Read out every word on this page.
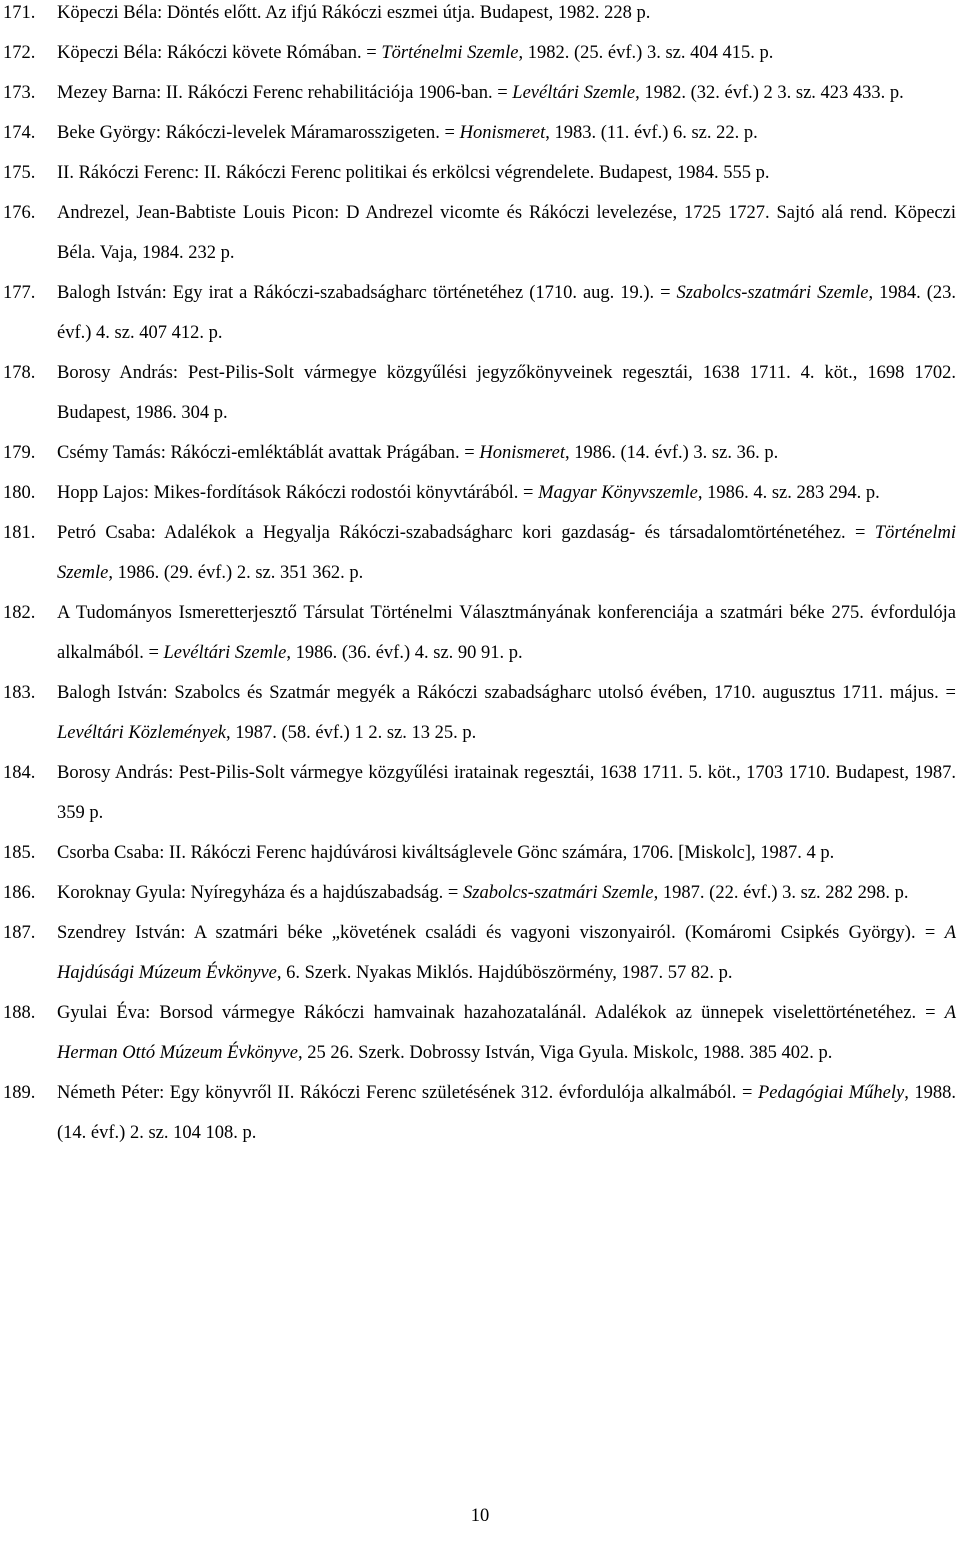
171. Köpeczi Béla: Döntés előtt. Az ifjú Rákóczi eszmei útja. Budapest, 1982. 228 p.
172. Köpeczi Béla: Rákóczi követe Rómában. = Történelmi Szemle, 1982. (25. évf.) 3. sz. 404 415. p.
173. Mezey Barna: II. Rákóczi Ferenc rehabilitációja 1906-ban. = Levéltári Szemle, 1982. (32. évf.) 2 3. sz. 423 433. p.
174. Beke György: Rákóczi-levelek Máramarosszigeten. = Honismeret, 1983. (11. évf.) 6. sz. 22. p.
175. II. Rákóczi Ferenc: II. Rákóczi Ferenc politikai és erkölcsi végrendelete. Budapest, 1984. 555 p.
176. Andrezel, Jean-Babtiste Louis Picon: D Andrezel vicomte és Rákóczi levelezése, 1725 1727. Sajtó alá rend. Köpeczi Béla. Vaja, 1984. 232 p.
177. Balogh István: Egy irat a Rákóczi-szabadságharc történetéhez (1710. aug. 19.). = Szabolcs-szatmári Szemle, 1984. (23. évf.) 4. sz. 407 412. p.
178. Borosy András: Pest-Pilis-Solt vármegye közgyűlési jegyzőkönyveinek regesztái, 1638 1711. 4. köt., 1698 1702. Budapest, 1986. 304 p.
179. Csémy Tamás: Rákóczi-emléktáblát avattak Prágában. = Honismeret, 1986. (14. évf.) 3. sz. 36. p.
180. Hopp Lajos: Mikes-fordítások Rákóczi rodostói könyvtárából. = Magyar Könyvszemle, 1986. 4. sz. 283 294. p.
181. Petró Csaba: Adalékok a Hegyalja Rákóczi-szabadságharc kori gazdaság- és társadalomtörténetéhez. = Történelmi Szemle, 1986. (29. évf.) 2. sz. 351 362. p.
182. A Tudományos Ismeretterjesztő Társulat Történelmi Választmányának konferenciája a szatmári béke 275. évfordulója alkalmából. = Levéltári Szemle, 1986. (36. évf.) 4. sz. 90 91. p.
183. Balogh István: Szabolcs és Szatmár megyék a Rákóczi szabadságharc utolsó évében, 1710. augusztus 1711. május. = Levéltári Közlemények, 1987. (58. évf.) 1 2. sz. 13 25. p.
184. Borosy András: Pest-Pilis-Solt vármegye közgyűlési iratainak regesztái, 1638 1711. 5. köt., 1703 1710. Budapest, 1987. 359 p.
185. Csorba Csaba: II. Rákóczi Ferenc hajdúvárosi kiváltságlevele Gönc számára, 1706. [Miskolc], 1987. 4 p.
186. Koroknay Gyula: Nyíregyháza és a hajdúszabadság. = Szabolcs-szatmári Szemle, 1987. (22. évf.) 3. sz. 282 298. p.
187. Szendrey István: A szatmári béke „követének családi és vagyoni viszonyairól. (Komáromi Csipkés György). = A Hajdúsági Múzeum Évkönyve, 6. Szerk. Nyakas Miklós. Hajdúböszörmény, 1987. 57 82. p.
188. Gyulai Éva: Borsod vármegye Rákóczi hamvainak hazahozatalánál. Adalékok az ünnepek viselettörténetéhez. = A Herman Ottó Múzeum Évkönyve, 25 26. Szerk. Dobrossy István, Viga Gyula. Miskolc, 1988. 385 402. p.
189. Németh Péter: Egy könyvről II. Rákóczi Ferenc születésének 312. évfordulója alkalmából. = Pedagógiai Műhely, 1988. (14. évf.) 2. sz. 104 108. p.
10
